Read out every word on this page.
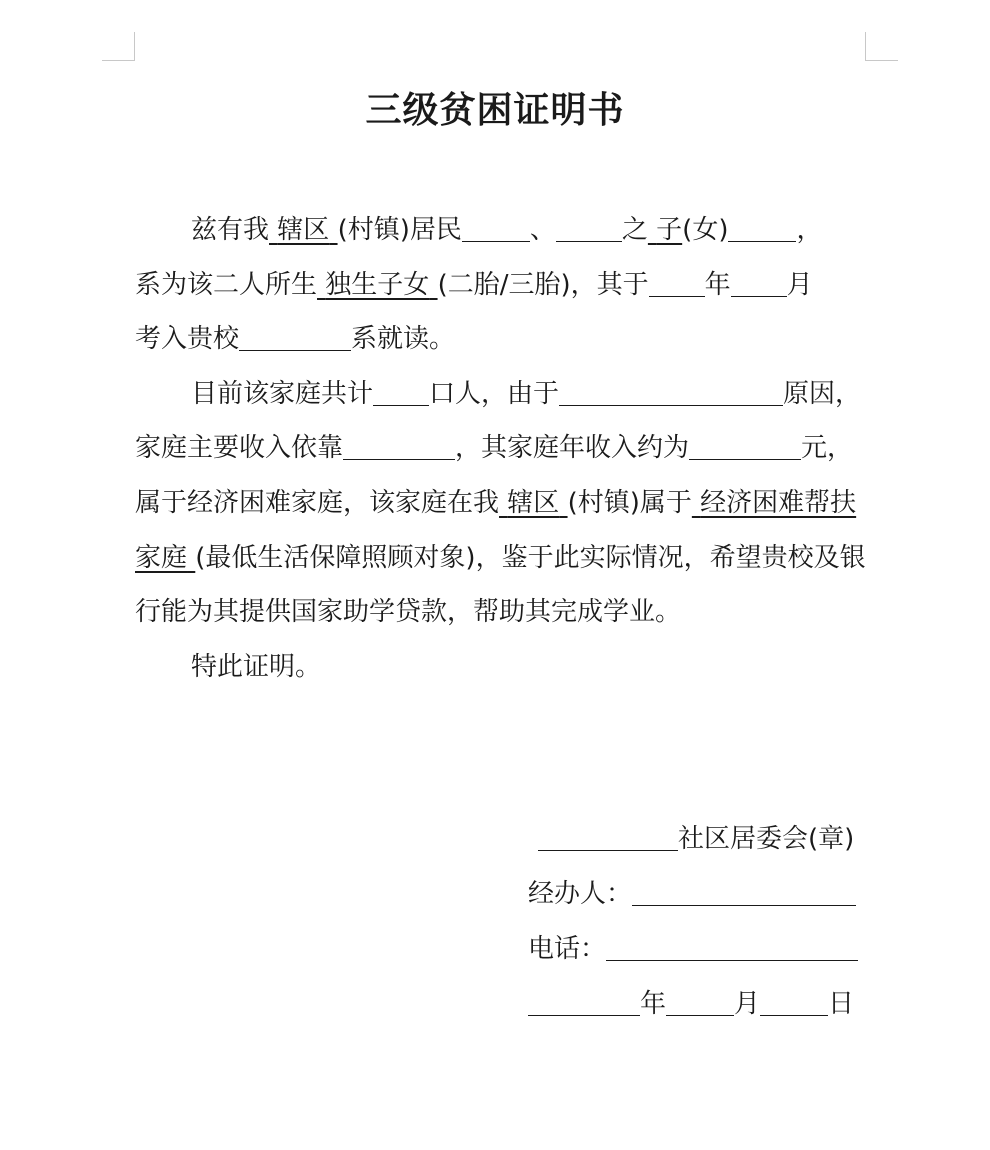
三级贫困证明书

兹有我 辖区 (村镇)居民	、	之 子(女)	，
系为该二人所生 独生子女 (二胎/三胎)，其于 年 月
考入贵校	系就读。

目前该家庭共计 口人，由于	原因，
家庭主要收入依靠	，其家庭年收入约为	元，
属于经济困难家庭，该家庭在我 辖区 (村镇)属于 经济困难帮扶家庭 (最低生活保障照顾对象)，鉴于此实际情况，希望贵校及银行能为其提供国家助学贷款，帮助其完成学业。

特此证明。

社区居委会(章)
经办人：
电话：
年	月	日
